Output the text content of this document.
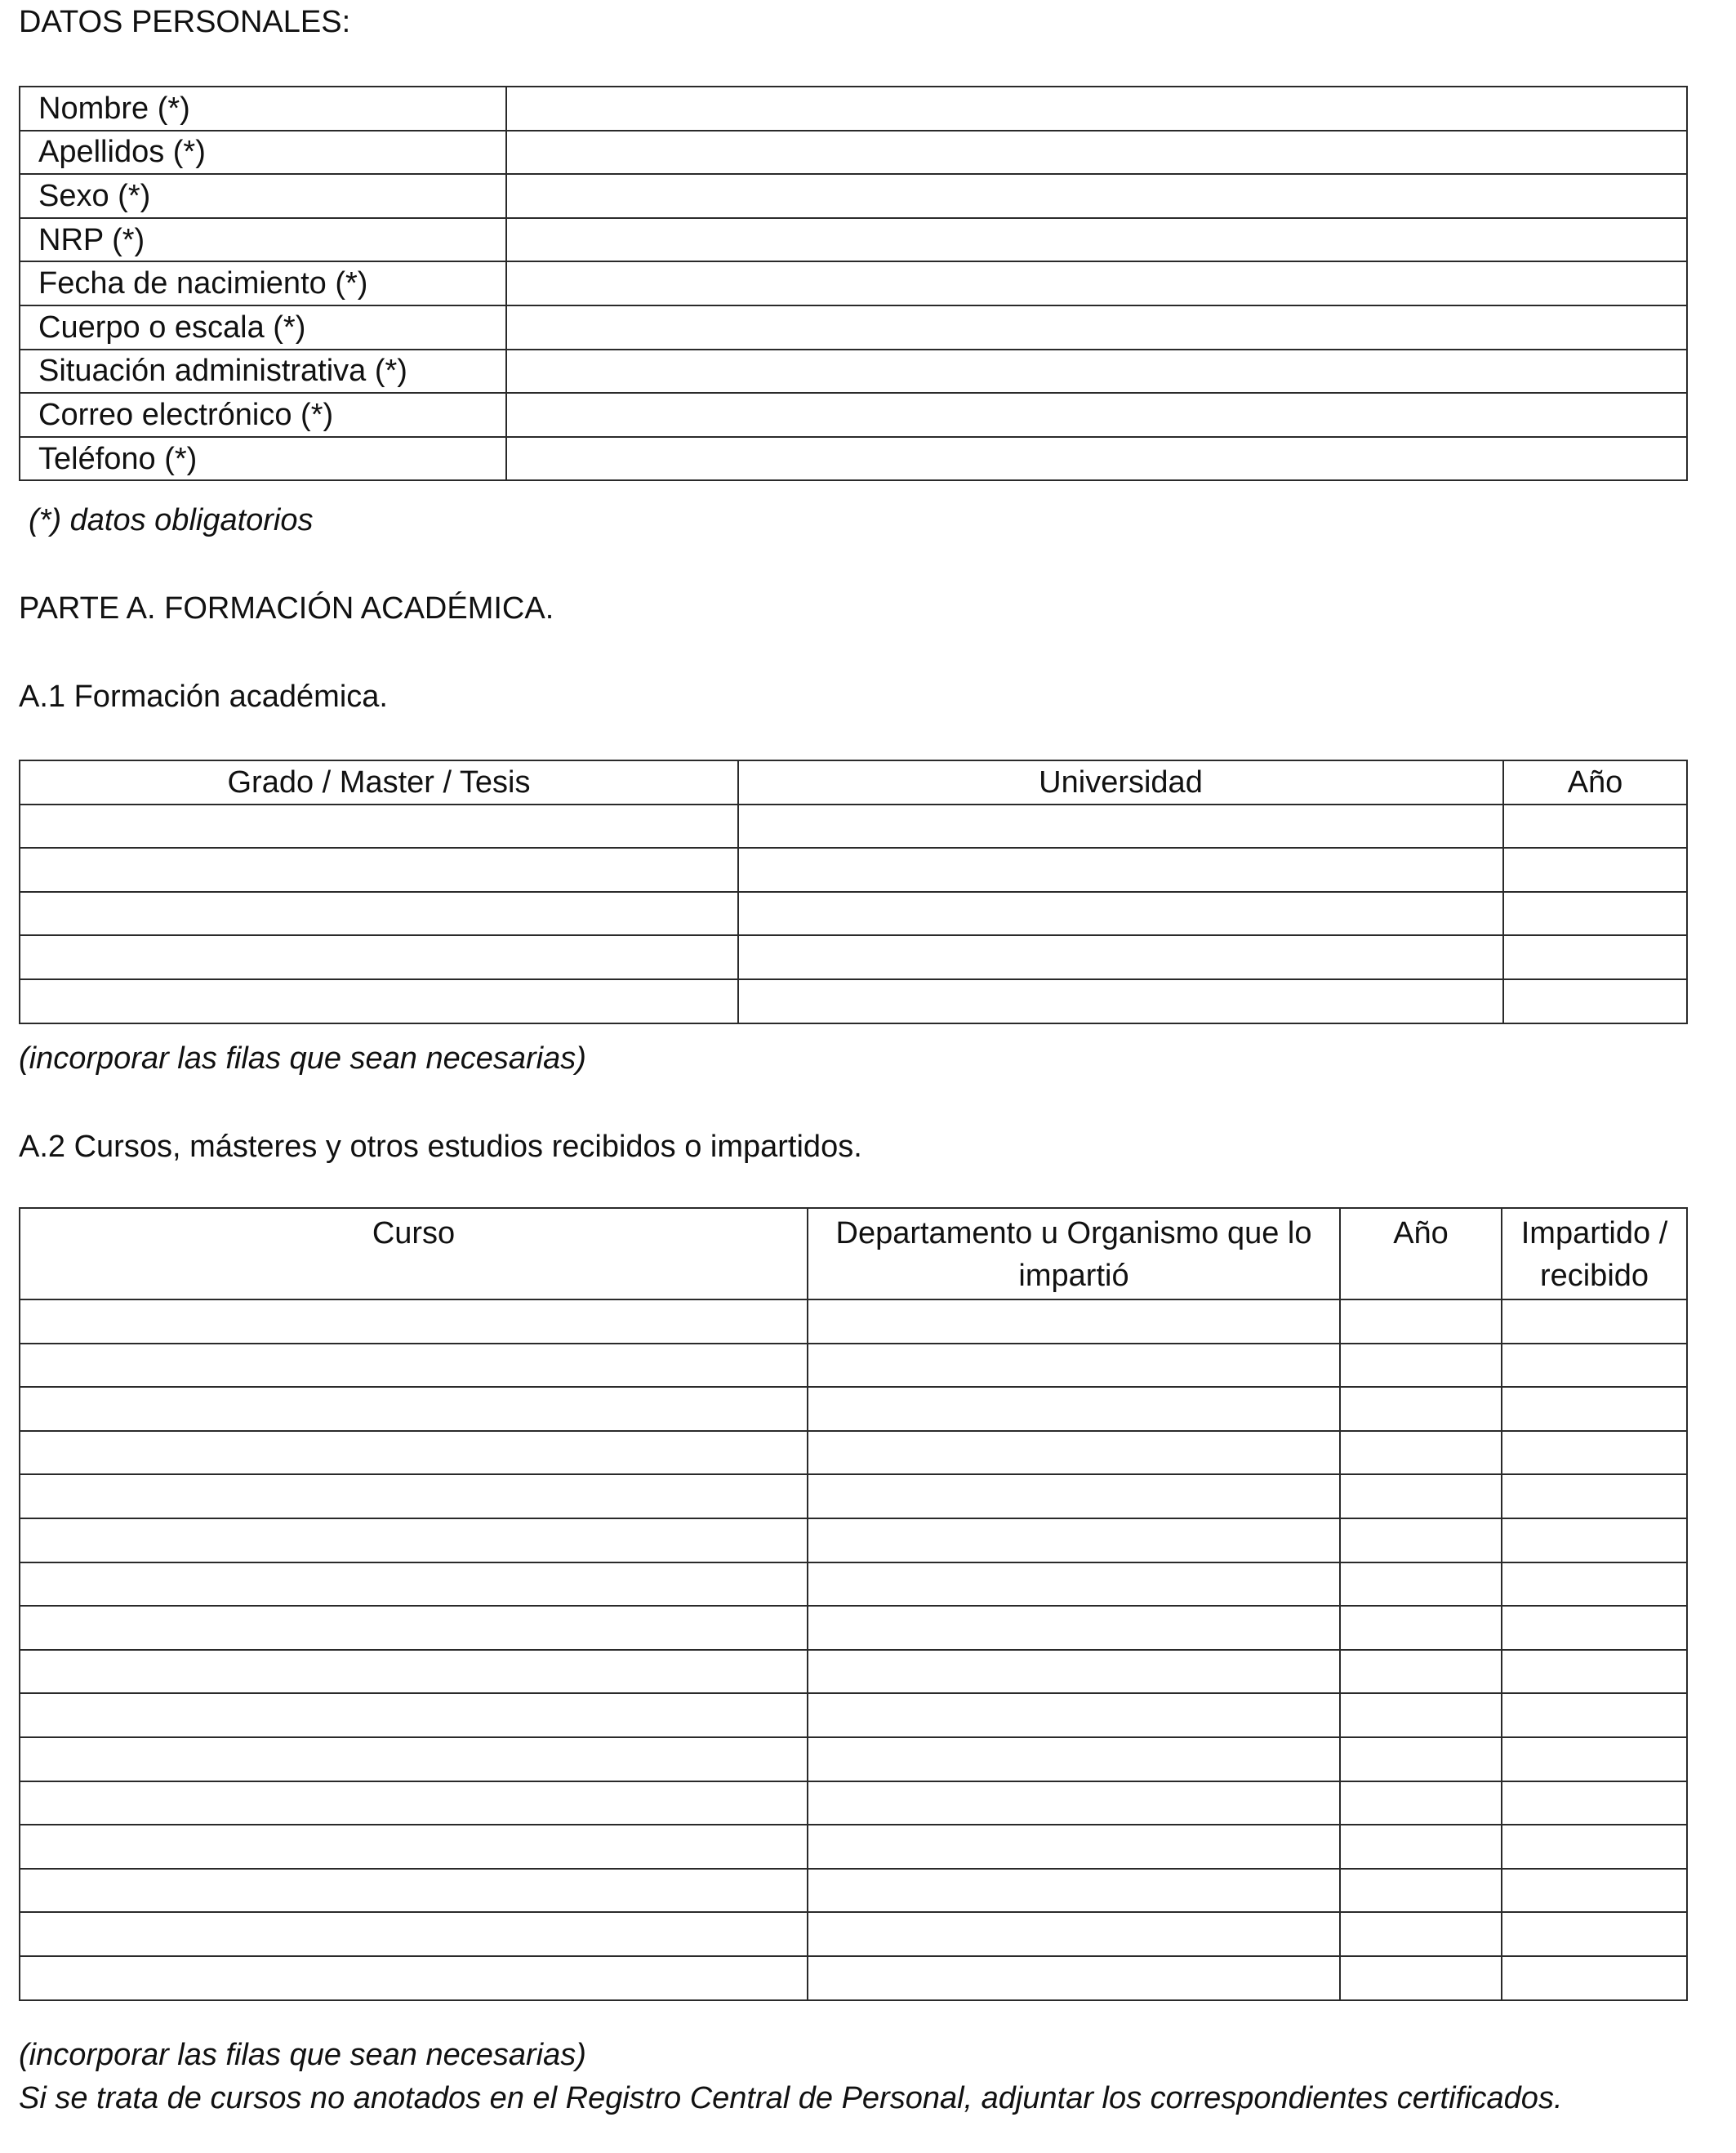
DATOS PERSONALES:
Nombre (*)	
Apellidos (*)	
Sexo (*)	
NRP (*)	
Fecha de nacimiento (*)	
Cuerpo o escala (*)	
Situación administrativa (*)	
Correo electrónico (*)	
Teléfono (*)	
(*) datos obligatorios
PARTE A. FORMACIÓN ACADÉMICA.
A.1 Formación académica.
Grado / Master / Tesis	Universidad	Año

(incorporar las filas que sean necesarias)
A.2 Cursos, másteres y otros estudios recibidos o impartidos.
Curso	Departamento u Organismo que lo impartió	Año	Impartido / recibido

(incorporar las filas que sean necesarias)
Si se trata de cursos no anotados en el Registro Central de Personal, adjuntar los correspondientes certificados.
